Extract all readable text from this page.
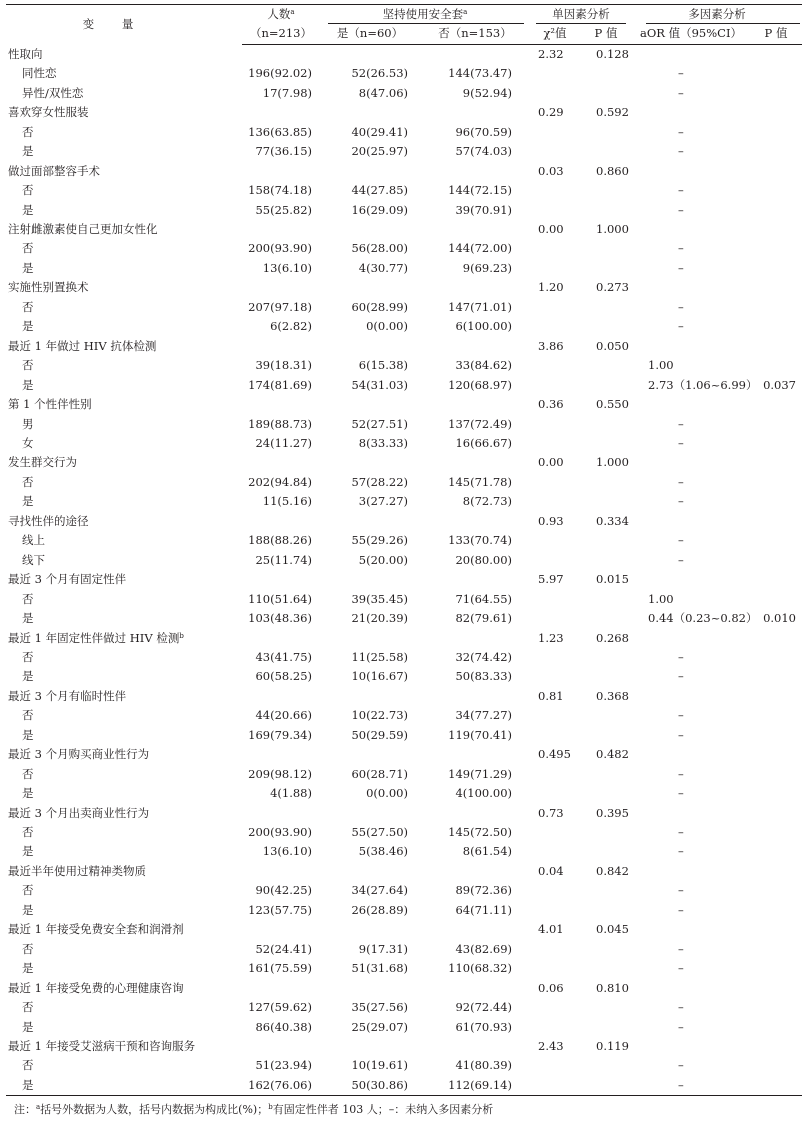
变 量	人数$^a$	坚持使用安全套$^a$		单因素分析		多因素分析	
	（n=213）	是（n=60）	否（n=153）	χ²值	P 值	aOR 值（95%CI）	P 值
性取向				2.32	0.128		
同性恋	196(92.02)	52(26.53)	144(73.47)			–	
异性/双性恋	17(7.98)	8(47.06)	9(52.94)			–	
喜欢穿女性服装				0.29	0.592		
否	136(63.85)	40(29.41)	96(70.59)			–	
是	77(36.15)	20(25.97)	57(74.03)			–	
做过面部整容手术				0.03	0.860		
否	158(74.18)	44(27.85)	144(72.15)			–	
是	55(25.82)	16(29.09)	39(70.91)			–	
注射雌激素使自己更加女性化				0.00	1.000		
否	200(93.90)	56(28.00)	144(72.00)			–	
是	13(6.10)	4(30.77)	9(69.23)			–	
实施性别置换术				1.20	0.273		
否	207(97.18)	60(28.99)	147(71.01)			–	
是	6(2.82)	0(0.00)	6(100.00)			–	
最近 1 年做过 HIV 抗体检测				3.86	0.050		
否	39(18.31)	6(15.38)	33(84.62)			1.00	
是	174(81.69)	54(31.03)	120(68.97)			2.73（1.06~6.99）	0.037
第 1 个性伴性别				0.36	0.550		
男	189(88.73)	52(27.51)	137(72.49)			–	
女	24(11.27)	8(33.33)	16(66.67)			–	
发生群交行为				0.00	1.000		
否	202(94.84)	57(28.22)	145(71.78)			–	
是	11(5.16)	3(27.27)	8(72.73)			–	
寻找性伴的途径				0.93	0.334		
线上	188(88.26)	55(29.26)	133(70.74)			–	
线下	25(11.74)	5(20.00)	20(80.00)			–	
最近 3 个月有固定性伴				5.97	0.015		
否	110(51.64)	39(35.45)	71(64.55)			1.00	
是	103(48.36)	21(20.39)	82(79.61)			0.44（0.23~0.82）	0.010
最近 1 年固定性伴做过 HIV 检测$^b$				1.23	0.268		
否	43(41.75)	11(25.58)	32(74.42)			–	
是	60(58.25)	10(16.67)	50(83.33)			–	
最近 3 个月有临时性伴				0.81	0.368		
否	44(20.66)	10(22.73)	34(77.27)			–	
是	169(79.34)	50(29.59)	119(70.41)			–	
最近 3 个月购买商业性行为				0.495	0.482		
否	209(98.12)	60(28.71)	149(71.29)			–	
是	4(1.88)	0(0.00)	4(100.00)			–	
最近 3 个月出卖商业性行为				0.73	0.395		
否	200(93.90)	55(27.50)	145(72.50)			–	
是	13(6.10)	5(38.46)	8(61.54)			–	
最近半年使用过精神类物质				0.04	0.842		
否	90(42.25)	34(27.64)	89(72.36)			–	
是	123(57.75)	26(28.89)	64(71.11)			–	
最近 1 年接受免费安全套和润滑剂				4.01	0.045		
否	52(24.41)	9(17.31)	43(82.69)			–	
是	161(75.59)	51(31.68)	110(68.32)			–	
最近 1 年接受免费的心理健康咨询				0.06	0.810		
否	127(59.62)	35(27.56)	92(72.44)			–	
是	86(40.38)	25(29.07)	61(70.93)			–	
最近 1 年接受艾滋病干预和咨询服务				2.43	0.119		
否	51(23.94)	10(19.61)	41(80.39)			–	
是	162(76.06)	50(30.86)	112(69.14)			–	
注：$^a$括号外数据为人数，括号内数据为构成比(%)；$^b$有固定性伴者 103 人；–：未纳入多因素分析
